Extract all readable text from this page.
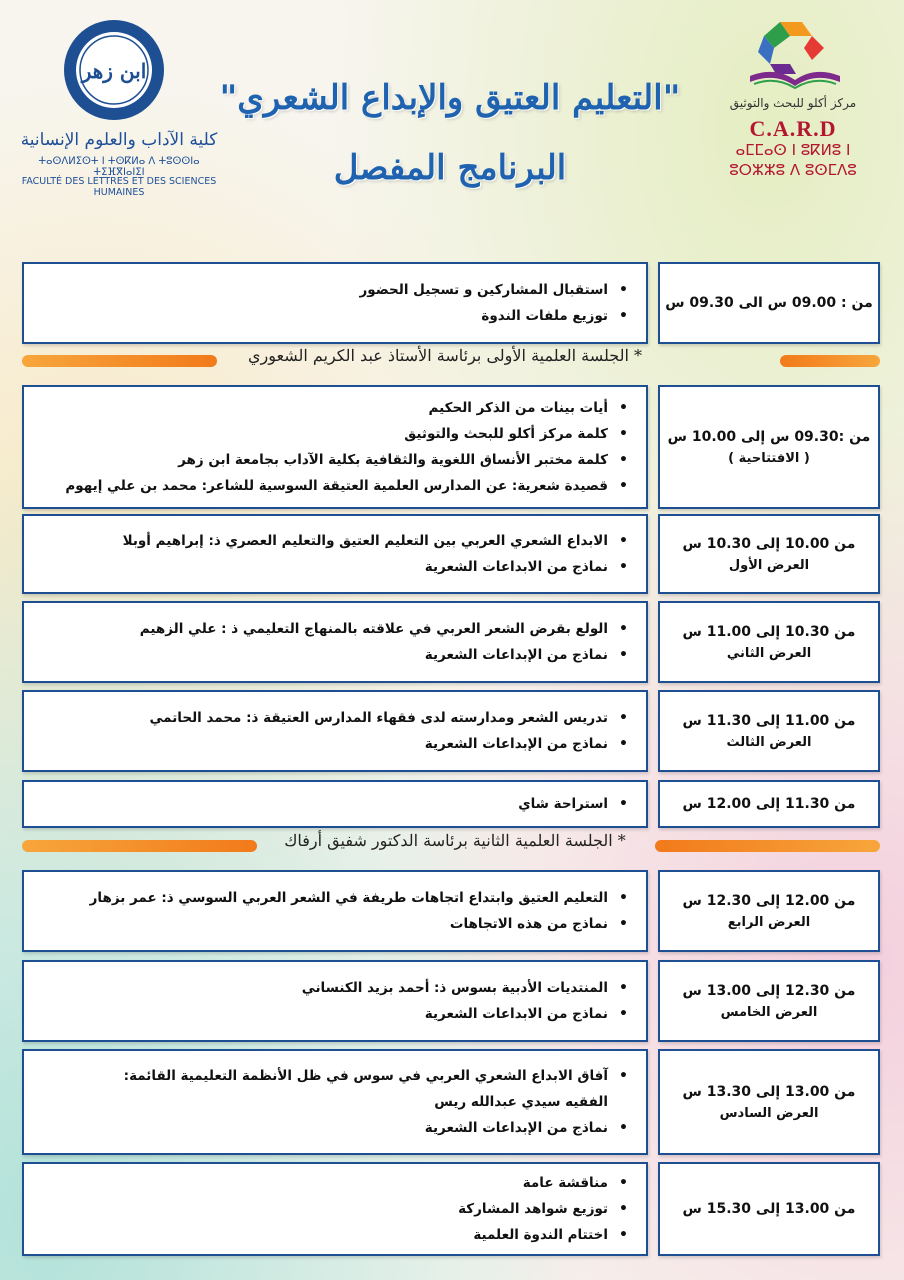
ابن زهر
كلية الآداب والعلوم الإنسانية
ⵜⴰⵙⴷⵍⵉⵙⵜ ⵏ ⵜⵙⴽⵍⴰ ⴷ ⵜⵓⵙⵙⵏⴰ ⵜⵉⴼⴳⵏⴰⵏⵉⵏ
FACULTÉ DES LETTRES ET DES SCIENCES HUMAINES
"التعليم العتيق والإبداع الشعري"
البرنامج المفصل
مركز أكلو للبحث والتوثيق
C.A.R.D
ⴰⵎⵎⴰⵙ ⵏ ⵓⴽⵍⵓ ⵏ
ⵓⵔⵣⵣⵓ ⴷ ⵓⵙⵎⴷⵓ
من : 09.00 س الى 09.30 س
• استقبال المشاركين و تسجيل الحضور
• توزيع ملفات الندوة
* الجلسة العلمية الأولى برئاسة الأستاذ عبد الكريم الشعوري
من :09.30 س إلى 10.00 س
( الافتتاحية )
• أيات بينات من الذكر الحكيم
• كلمة مركز أكلو للبحث والتوثيق
• كلمة مختبر الأنساق اللغوية والثقافية بكلية الآداب بجامعة ابن زهر
• قصيدة شعرية: عن المدارس العلمية العتيقة السوسية للشاعر: محمد بن علي إيهوم
من 10.00 إلى 10.30 س
العرض الأول
• الابداع الشعري العربي بين التعليم العتيق والتعليم العصري ذ: إبراهيم أوبلا
• نماذج من الابداعات الشعرية
من 10.30 إلى 11.00 س
العرض الثاني
• الولع بقرض الشعر العربي في علاقته بالمنهاج التعليمي ذ : علي الزهيم
• نماذج من الإبداعات الشعرية
من 11.00 إلى 11.30 س
العرض الثالث
• تدريس الشعر ومدارسته لدى فقهاء المدارس العتيقة ذ: محمد الحاتمي
• نماذج من الإبداعات الشعرية
من 11.30 إلى 12.00 س
• استراحة شاي
* الجلسة العلمية الثانية برئاسة الدكتور شفيق أرفاك
من 12.00 إلى 12.30 س
العرض الرابع
• التعليم العتيق وابتداع اتجاهات طريفة في الشعر العربي السوسي ذ: عمر بزهار
• نماذج من هذه الاتجاهات
من 12.30 إلى 13.00 س
العرض الخامس
• المنتديات الأدبية بسوس ذ: أحمد بزيد الكنساني
• نماذج من الابداعات الشعرية
من 13.00 إلى 13.30 س
العرض السادس
• آفاق الابداع الشعري العربي في سوس في ظل الأنظمة التعليمية القائمة:
الفقيه سيدي عبدالله ريس
• نماذج من الإبداعات الشعرية
من 13.00 إلى 15.30 س
• مناقشة عامة
• توزيع شواهد المشاركة
• اختتام الندوة العلمية
